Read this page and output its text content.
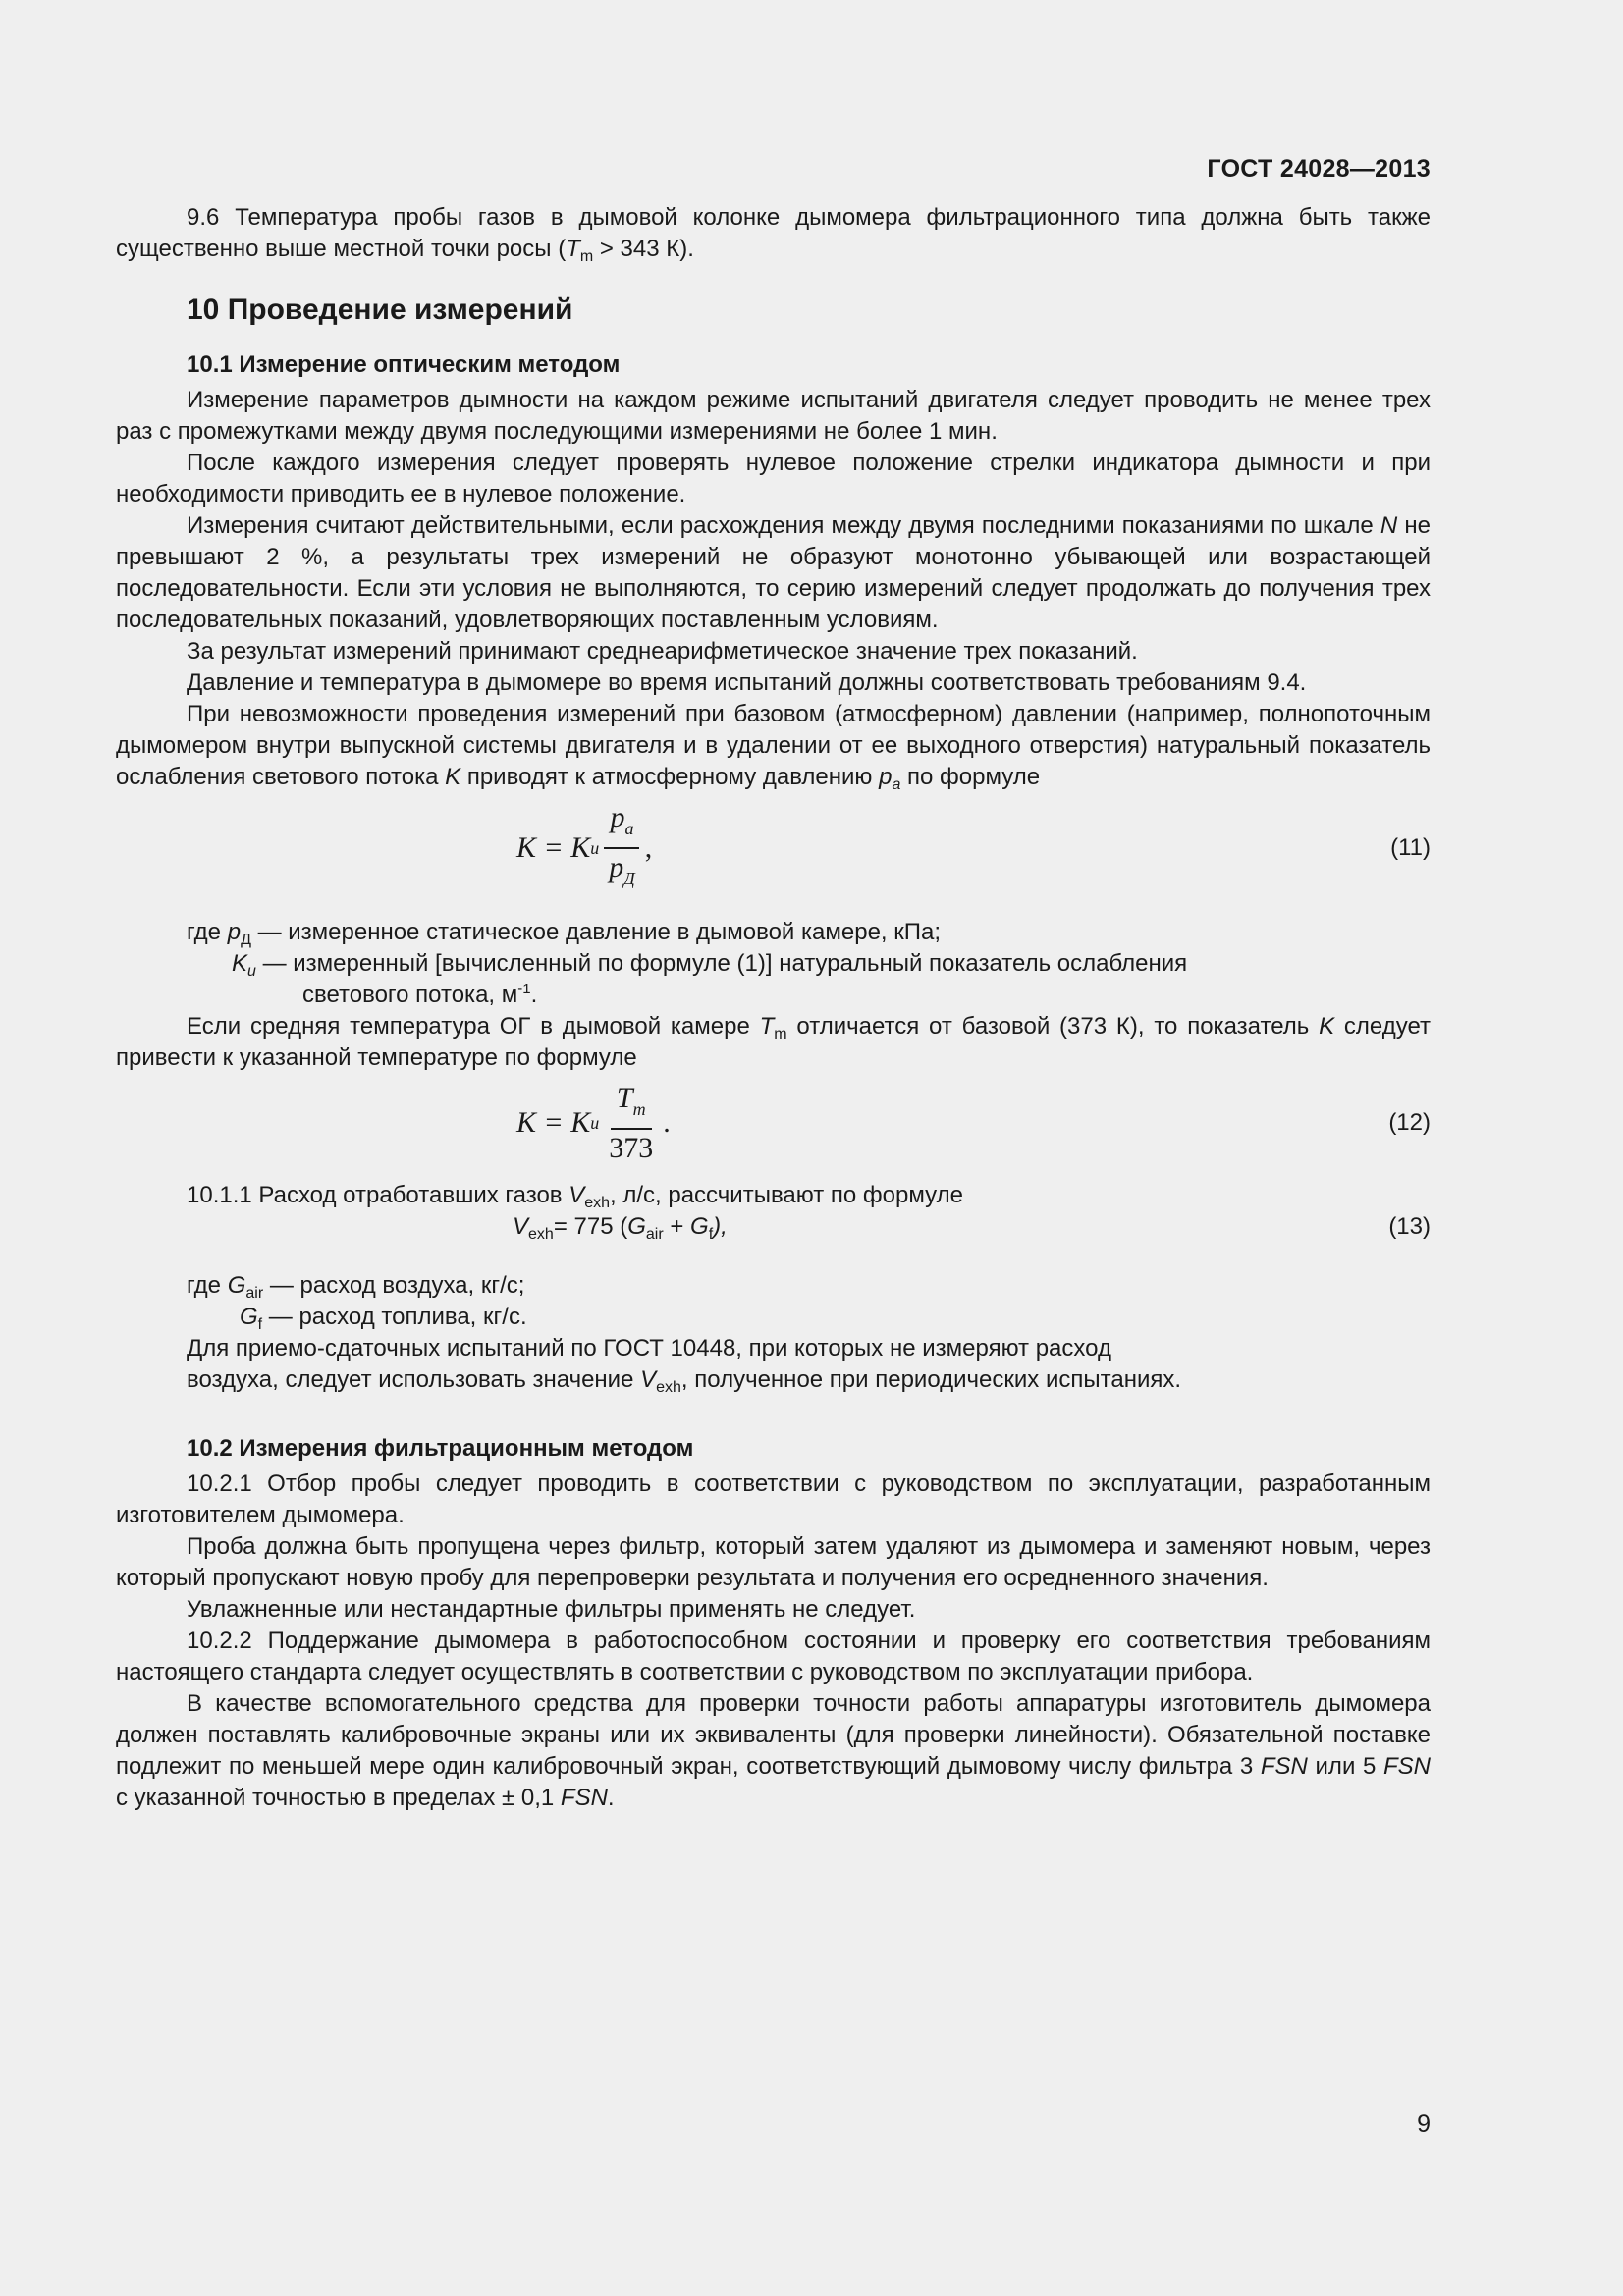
ГОСТ 24028—2013

9.6 Температура пробы газов в дымовой колонке дымомера фильтрационного типа должна быть также существенно выше местной точки росы ($T_m > 343$ К).

10 Проведение измерений
10.1 Измерение оптическим методом

Измерение параметров дымности на каждом режиме испытаний двигателя следует проводить не менее трех раз с промежутками между двумя последующими измерениями не более 1 мин.

После каждого измерения следует проверять нулевое положение стрелки индикатора дымности и при необходимости приводить ее в нулевое положение.

Измерения считают действительными, если расхождения между двумя последними показаниями по шкале N не превышают 2 %, а результаты трех измерений не образуют монотонно убывающей или возрастающей последовательности. Если эти условия не выполняются, то серию измерений следует продолжать до получения трех последовательных показаний, удовлетворяющих поставленным условиям.

За результат измерений принимают среднеарифметическое значение трех показаний.

Давление и температура в дымомере во время испытаний должны соответствовать требованиям 9.4.

При невозможности проведения измерений при базовом (атмосферном) давлении (например, полнопоточным дымомером внутри выпускной системы двигателя и в удалении от ее выходного отверстия) натуральный показатель ослабления светового потока K приводят к атмосферному давлению $p_a$ по формуле

K = K u $\frac{p_a}{p_Д}$ ,	(11)

где $p_Д$ — измеренное статическое давление в дымовой камере, кПа;

$K_u$ — измеренный [вычисленный по формуле (1)] натуральный показатель ослабления

светового потока, $м^{-1}$.

Если средняя температура ОГ в дымовой камере $T_m$ отличается от базовой (373 К), то показатель K следует привести к указанной температуре по формуле

K = K u $\frac{T_m}{373}$ .	(12)

10.1.1 Расход отработавших газов $V_{exh}$, л/с, рассчитывают по формуле

$V_{exh}= 775$ $(G_{air} + G_f)$,	(13)

где $G_{air}$ — расход воздуха, кг/с;

$G_f$ — расход топлива, кг/с.

Для приемо-сдаточных испытаний по ГОСТ 10448, при которых не измеряют расход

воздуха, следует использовать значение $V_{exh}$, полученное при периодических испытаниях.

10.2 Измерения фильтрационным методом

10.2.1 Отбор пробы следует проводить в соответствии с руководством по эксплуатации, разработанным изготовителем дымомера.

Проба должна быть пропущена через фильтр, который затем удаляют из дымомера и заменяют новым, через который пропускают новую пробу для перепроверки результата и получения его осредненного значения.

Увлажненные или нестандартные фильтры применять не следует.

10.2.2 Поддержание дымомера в работоспособном состоянии и проверку его соответствия требованиям настоящего стандарта следует осуществлять в соответствии с руководством по эксплуатации прибора.

В качестве вспомогательного средства для проверки точности работы аппаратуры изготовитель дымомера должен поставлять калибровочные экраны или их эквиваленты (для проверки линейности). Обязательной поставке подлежит по меньшей мере один калибровочный экран, соответствующий дымовому числу фильтра 3 FSN или 5 FSN с указанной точностью в пределах ± 0,1 FSN.

9
